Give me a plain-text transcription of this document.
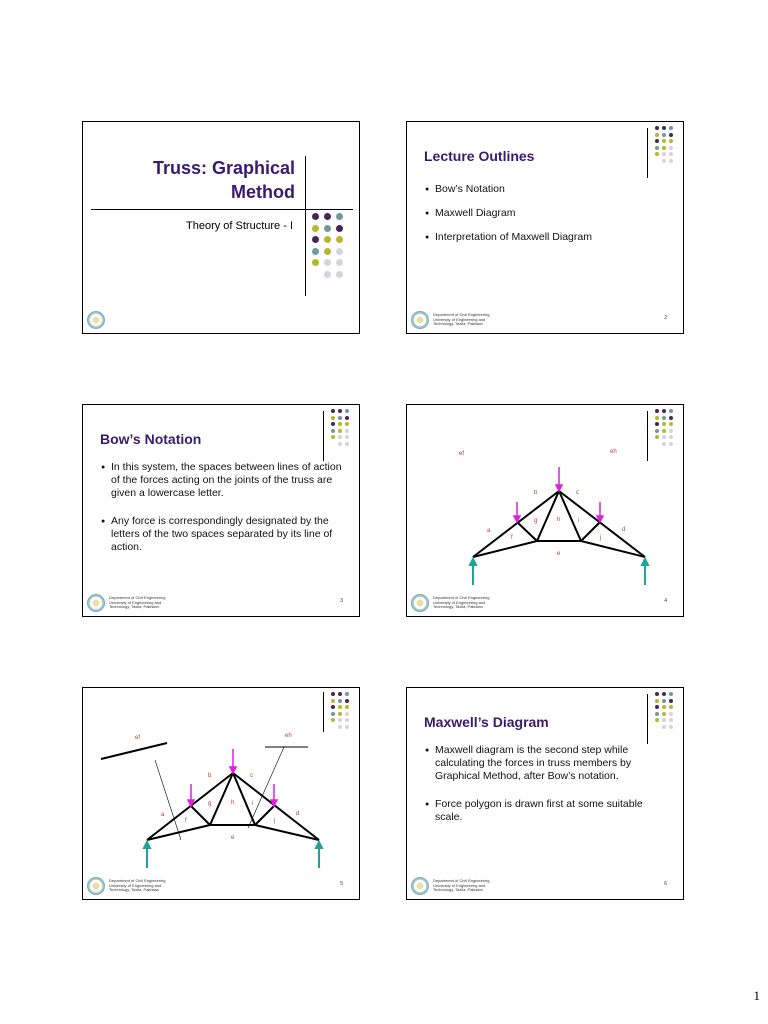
Truss: Graphical
Method
Theory of Structure - I
Lecture Outlines
● Bow’s Notation
● Maxwell Diagram
● Interpretation of Maxwell Diagram
Department of Civil Engineering
University of Engineering and
Technology, Taxila, Pakistan
2
Bow’s Notation
● In this system, the spaces between lines of action of the forces acting on the joints of the truss are given a lowercase letter.
● Any force is correspondingly designated by the letters of the two spaces separated by its line of action.
Department of Civil Engineering
University of Engineering and
Technology, Taxila, Pakistan
3
ef	eh
b	c
a	d
g	h	i
f	j
e
Department of Civil Engineering
University of Engineering and
Technology, Taxila, Pakistan
4
ef	eh
b	c
a	d
g	h	i
f	j
e
Department of Civil Engineering
University of Engineering and
Technology, Taxila, Pakistan
5
Maxwell’s Diagram
● Maxwell diagram is the second step while calculating the forces in truss members by Graphical Method, after Bow’s notation.
● Force polygon is drawn first at some suitable scale.
Department of Civil Engineering
University of Engineering and
Technology, Taxila, Pakistan
6
1
